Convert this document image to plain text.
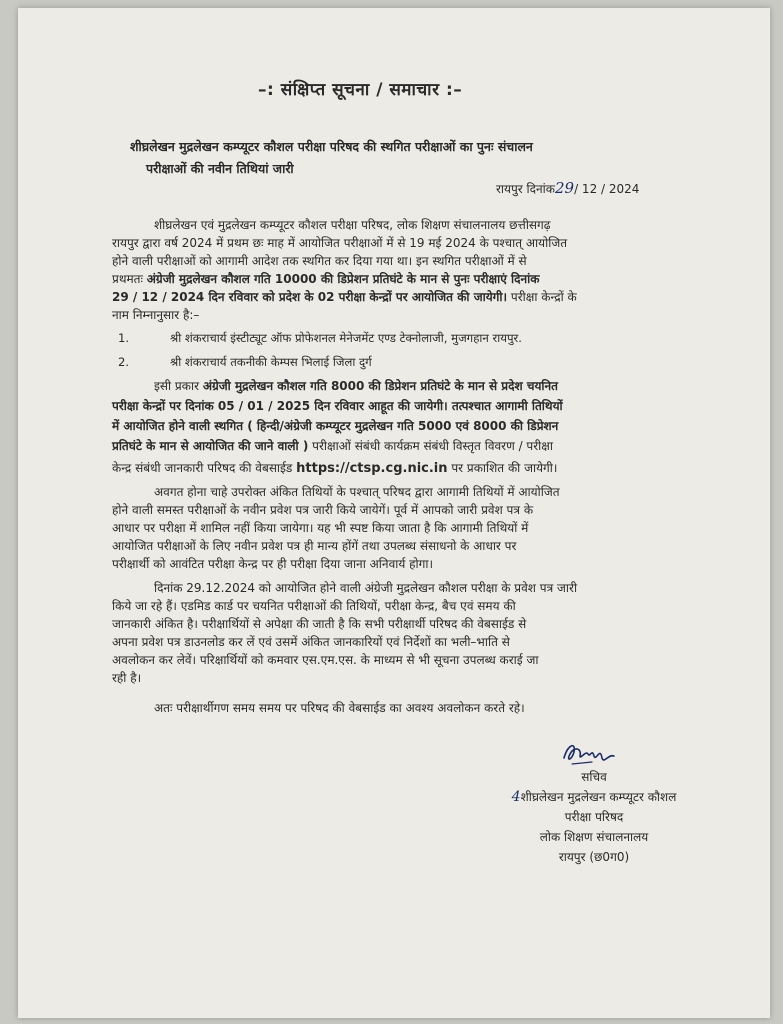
–: संक्षिप्त सूचना / समाचार :–
शीघ्रलेखन मुद्रलेखन कम्प्यूटर कौशल परीक्षा परिषद की स्थगित परीक्षाओं का पुनः संचालन
परीक्षाओं की नवीन तिथियां जारी
रायपुर दिनांक29/ 12 / 2024
शीघ्रलेखन एवं मुद्रलेखन कम्प्यूटर कौशल परीक्षा परिषद, लोक शिक्षण संचालनालय छत्तीसगढ़
रायपुर द्वारा वर्ष 2024 में प्रथम छः माह में आयोजित परीक्षाओं में से 19 मई 2024 के पश्चात् आयोजित
होने वाली परीक्षाओं को आगामी आदेश तक स्थगित कर दिया गया था। इन स्थगित परीक्षाओं में से
प्रथमतः अंग्रेजी मुद्रलेखन कौशल गति 10000 की डिप्रेशन प्रतिघंटे के मान से पुनः परीक्षाएं दिनांक
29 / 12 / 2024 दिन रविवार को प्रदेश के 02 परीक्षा केन्द्रों पर आयोजित की जायेगी। परीक्षा केन्द्रों के
नाम निम्नानुसार है:–
1.	श्री शंकराचार्य इंस्टीट्यूट ऑफ प्रोफेशनल मेनेजमेंट एण्ड टेक्नोलाजी, मुजगहान रायपुर.
2.	श्री शंकराचार्य तकनीकी केम्पस भिलाई जिला दुर्ग
इसी प्रकार अंग्रेजी मुद्रलेखन कौशल गति 8000 की डिप्रेशन प्रतिघंटे के मान से प्रदेश चयनित
परीक्षा केन्द्रों पर दिनांक 05 / 01 / 2025 दिन रविवार आहूत की जायेगी। तत्पश्चात आगामी तिथियों
में आयोजित होने वाली स्थगित ( हिन्दी/अंग्रेजी कम्प्यूटर मुद्रलेखन गति 5000 एवं 8000 की डिप्रेशन
प्रतिघंटे के मान से आयोजित की जाने वाली ) परीक्षाओं संबंधी कार्यक्रम संबंधी विस्तृत विवरण / परीक्षा
केन्द्र संबंधी जानकारी परिषद की वेबसाईड https://ctsp.cg.nic.in पर प्रकाशित की जायेगी।
अवगत होना चाहे उपरोक्त अंकित तिथियों के पश्चात् परिषद द्वारा आगामी तिथियों में आयोजित
होने वाली समस्त परीक्षाओं के नवीन प्रवेश पत्र जारी किये जायेगें। पूर्व में आपको जारी प्रवेश पत्र के
आधार पर परीक्षा में शामिल नहीं किया जायेगा। यह भी स्पष्ट किया जाता है कि आगामी तिथियों में
आयोजित परीक्षाओं के लिए नवीन प्रवेश पत्र ही मान्य होंगें तथा उपलब्ध संसाधनो के आधार पर
परीक्षार्थी को आवंटित परीक्षा केन्द्र पर ही परीक्षा दिया जाना अनिवार्य होगा।
दिनांक 29.12.2024 को आयोजित होने वाली अंग्रेजी मुद्रलेखन कौशल परीक्षा के प्रवेश पत्र जारी
किये जा रहे हैं। एडमिड कार्ड पर चयनित परीक्षाओं की तिथियों, परीक्षा केन्द्र, बैच एवं समय की
जानकारी अंकित है। परीक्षार्थियों से अपेक्षा की जाती है कि सभी परीक्षार्थी परिषद की वेबसाईड से
अपना प्रवेश पत्र डाउनलोड कर लें एवं उसमें अंकित जानकारियों एवं निर्देशों का भली–भाति से
अवलोकन कर लेवें। परिक्षार्थियों को कमवार एस.एम.एस. के माध्यम से भी सूचना उपलब्ध कराई जा
रही है।
अतः परीक्षार्थीगण समय समय पर परिषद की वेबसाईड का अवश्य अवलोकन करते रहे।
सचिव
4शीघ्रलेखन मुद्रलेखन कम्प्यूटर कौशल
परीक्षा परिषद
लोक शिक्षण संचालनालय
रायपुर (छ0ग0)
